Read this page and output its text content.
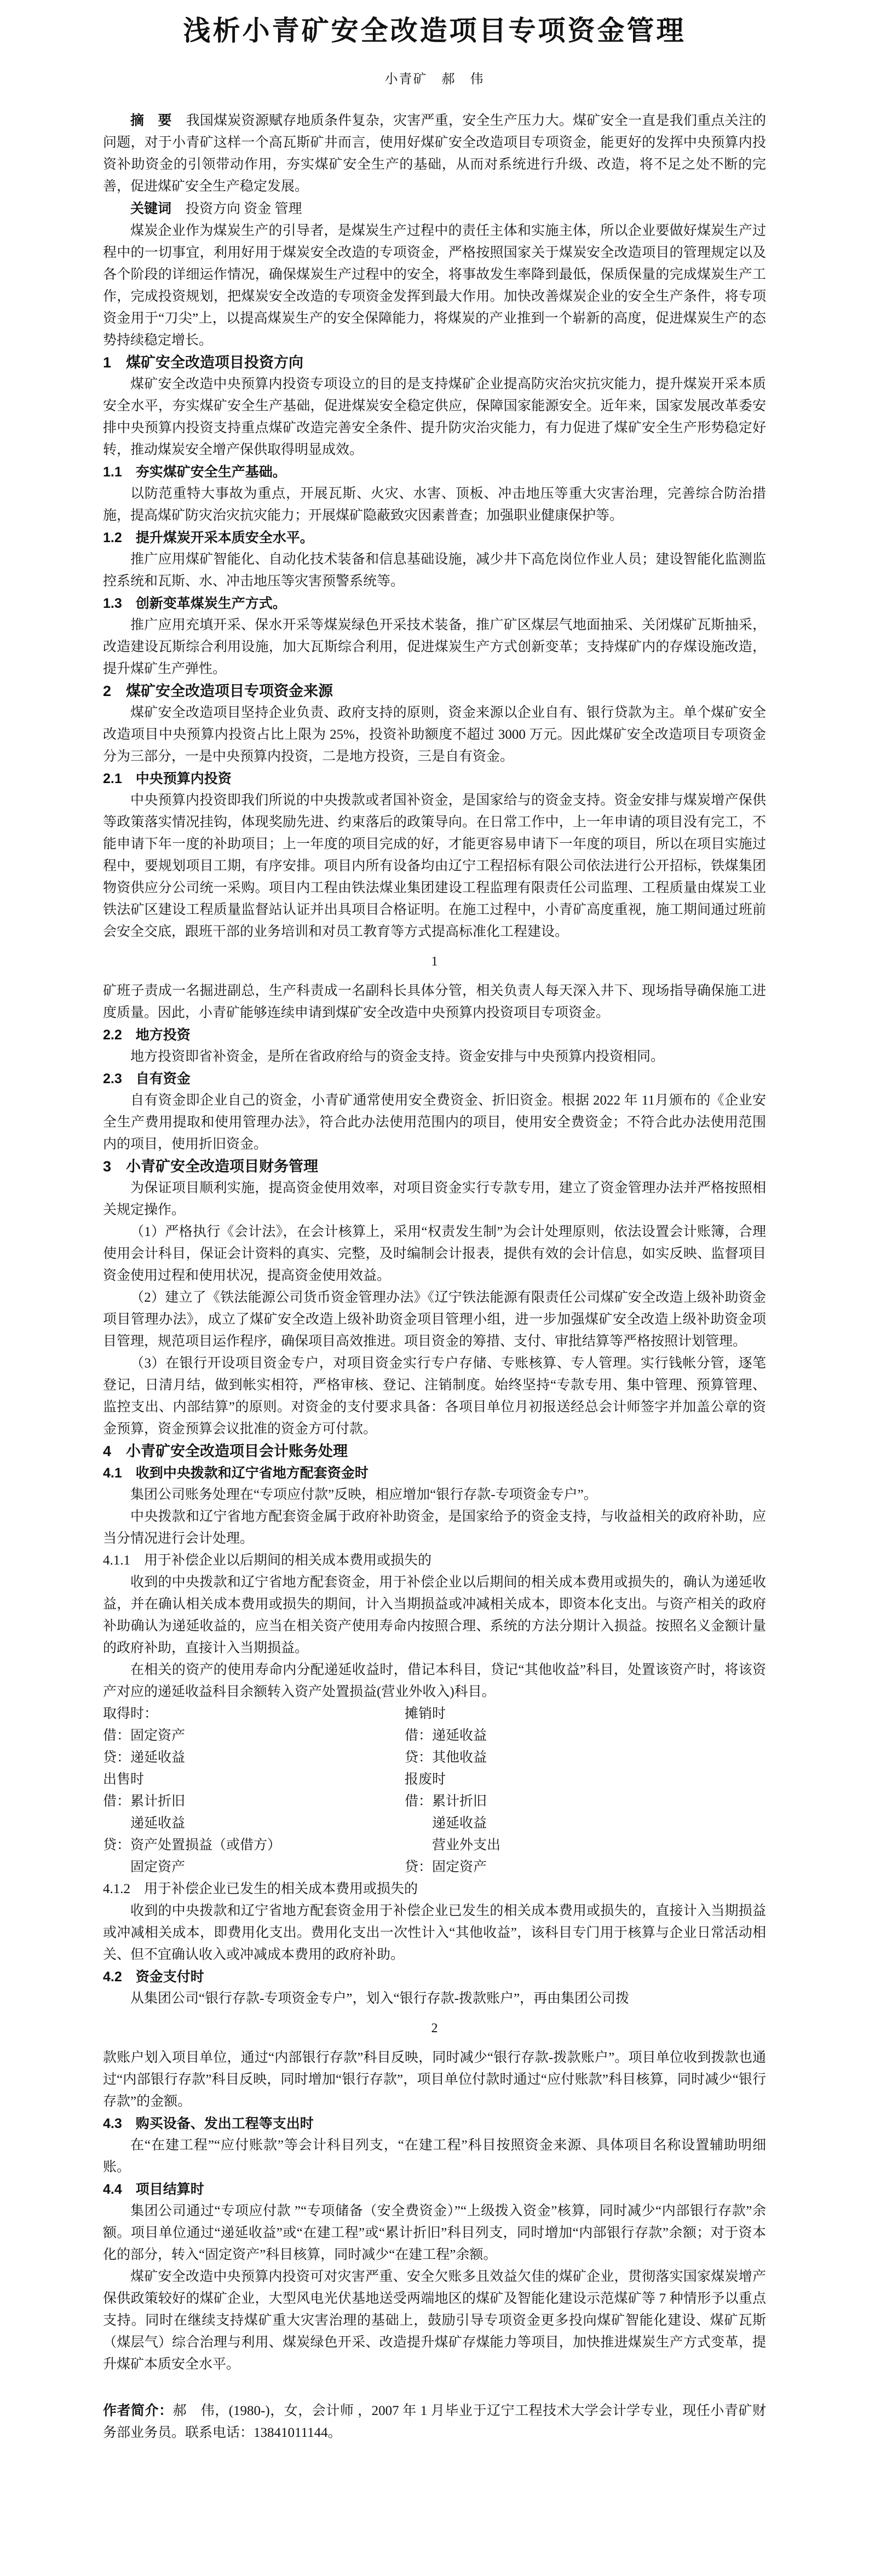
浅析小青矿安全改造项目专项资金管理
小青矿　郝　伟
摘　要 我国煤炭资源赋存地质条件复杂，灾害严重，安全生产压力大。煤矿安全一直是我们重点关注的问题，对于小青矿这样一个高瓦斯矿井而言，使用好煤矿安全改造项目专项资金，能更好的发挥中央预算内投资补助资金的引领带动作用，夯实煤矿安全生产的基础，从而对系统进行升级、改造，将不足之处不断的完善，促进煤矿安全生产稳定发展。
关键词 投资方向 资金 管理
煤炭企业作为煤炭生产的引导者，是煤炭生产过程中的责任主体和实施主体，所以企业要做好煤炭生产过程中的一切事宜，利用好用于煤炭安全改造的专项资金，严格按照国家关于煤炭安全改造项目的管理规定以及各个阶段的详细运作情况，确保煤炭生产过程中的安全，将事故发生率降到最低，保质保量的完成煤炭生产工作，完成投资规划，把煤炭安全改造的专项资金发挥到最大作用。加快改善煤炭企业的安全生产条件，将专项资金用于“刀尖”上，以提高煤炭生产的安全保障能力，将煤炭的产业推到一个崭新的高度，促进煤炭生产的态势持续稳定增长。
1　煤矿安全改造项目投资方向
煤矿安全改造中央预算内投资专项设立的目的是支持煤矿企业提高防灾治灾抗灾能力，提升煤炭开采本质安全水平，夯实煤矿安全生产基础，促进煤炭安全稳定供应，保障国家能源安全。近年来，国家发展改革委安排中央预算内投资支持重点煤矿改造完善安全条件、提升防灾治灾能力，有力促进了煤矿安全生产形势稳定好转，推动煤炭安全增产保供取得明显成效。
1.1　夯实煤矿安全生产基础。
以防范重特大事故为重点，开展瓦斯、火灾、水害、顶板、冲击地压等重大灾害治理，完善综合防治措施，提高煤矿防灾治灾抗灾能力；开展煤矿隐蔽致灾因素普查；加强职业健康保护等。
1.2　提升煤炭开采本质安全水平。
推广应用煤矿智能化、自动化技术装备和信息基础设施，减少井下高危岗位作业人员；建设智能化监测监控系统和瓦斯、水、冲击地压等灾害预警系统等。
1.3　创新变革煤炭生产方式。
推广应用充填开采、保水开采等煤炭绿色开采技术装备，推广矿区煤层气地面抽采、关闭煤矿瓦斯抽采，改造建设瓦斯综合利用设施，加大瓦斯综合利用，促进煤炭生产方式创新变革；支持煤矿内的存煤设施改造，提升煤矿生产弹性。
2　煤矿安全改造项目专项资金来源
煤矿安全改造项目坚持企业负责、政府支持的原则，资金来源以企业自有、银行贷款为主。单个煤矿安全改造项目中央预算内投资占比上限为 25%，投资补助额度不超过 3000 万元。因此煤矿安全改造项目专项资金分为三部分，一是中央预算内投资，二是地方投资，三是自有资金。
2.1　中央预算内投资
中央预算内投资即我们所说的中央拨款或者国补资金，是国家给与的资金支持。资金安排与煤炭增产保供等政策落实情况挂钩，体现奖励先进、约束落后的政策导向。在日常工作中，上一年申请的项目没有完工，不能申请下年一度的补助项目；上一年度的项目完成的好，才能更容易申请下一年度的项目，所以在项目实施过程中，要规划项目工期，有序安排。项目内所有设备均由辽宁工程招标有限公司依法进行公开招标，铁煤集团物资供应分公司统一采购。项目内工程由铁法煤业集团建设工程监理有限责任公司监理、工程质量由煤炭工业铁法矿区建设工程质量监督站认证并出具项目合格证明。在施工过程中，小青矿高度重视，施工期间通过班前会安全交底，跟班干部的业务培训和对员工教育等方式提高标准化工程建设。
1
矿班子责成一名掘进副总，生产科责成一名副科长具体分管，相关负责人每天深入井下、现场指导确保施工进度质量。因此，小青矿能够连续申请到煤矿安全改造中央预算内投资项目专项资金。
2.2　地方投资
地方投资即省补资金，是所在省政府给与的资金支持。资金安排与中央预算内投资相同。
2.3　自有资金
自有资金即企业自己的资金，小青矿通常使用安全费资金、折旧资金。根据 2022 年 11月颁布的《企业安全生产费用提取和使用管理办法》，符合此办法使用范围内的项目，使用安全费资金；不符合此办法使用范围内的项目，使用折旧资金。
3　小青矿安全改造项目财务管理
为保证项目顺利实施，提高资金使用效率，对项目资金实行专款专用，建立了资金管理办法并严格按照相关规定操作。
（1）严格执行《会计法》，在会计核算上，采用“权责发生制”为会计处理原则，依法设置会计账簿，合理使用会计科目，保证会计资料的真实、完整，及时编制会计报表，提供有效的会计信息，如实反映、监督项目资金使用过程和使用状况，提高资金使用效益。
（2）建立了《铁法能源公司货币资金管理办法》《辽宁铁法能源有限责任公司煤矿安全改造上级补助资金项目管理办法》，成立了煤矿安全改造上级补助资金项目管理小组，进一步加强煤矿安全改造上级补助资金项目管理，规范项目运作程序，确保项目高效推进。项目资金的筹措、支付、审批结算等严格按照计划管理。
（3）在银行开设项目资金专户，对项目资金实行专户存储、专账核算、专人管理。实行钱帐分管，逐笔登记，日清月结，做到帐实相符，严格审核、登记、注销制度。始终坚持“专款专用、集中管理、预算管理、监控支出、内部结算”的原则。对资金的支付要求具备：各项目单位月初报送经总会计师签字并加盖公章的资金预算，资金预算会议批准的资金方可付款。
4　小青矿安全改造项目会计账务处理
4.1　收到中央拨款和辽宁省地方配套资金时
集团公司账务处理在“专项应付款”反映，相应增加“银行存款-专项资金专户”。
中央拨款和辽宁省地方配套资金属于政府补助资金，是国家给予的资金支持，与收益相关的政府补助，应当分情况进行会计处理。
4.1.1　用于补偿企业以后期间的相关成本费用或损失的
收到的中央拨款和辽宁省地方配套资金，用于补偿企业以后期间的相关成本费用或损失的，确认为递延收益，并在确认相关成本费用或损失的期间，计入当期损益或冲减相关成本，即资本化支出。与资产相关的政府补助确认为递延收益的，应当在相关资产使用寿命内按照合理、系统的方法分期计入损益。按照名义金额计量的政府补助，直接计入当期损益。
在相关的资产的使用寿命内分配递延收益时，借记本科目，贷记“其他收益”科目，处置该资产时，将该资产对应的递延收益科目余额转入资产处置损益(营业外收入)科目。
取得时：
借：固定资产
贷：递延收益
出售时
借：累计折旧
　　递延收益
贷：资产处置损益（或借方）
　　固定资产
摊销时
借：递延收益
贷：其他收益
报废时
借：累计折旧
　　递延收益
　　营业外支出
贷：固定资产
4.1.2　用于补偿企业已发生的相关成本费用或损失的
收到的中央拨款和辽宁省地方配套资金用于补偿企业已发生的相关成本费用或损失的，直接计入当期损益或冲减相关成本，即费用化支出。费用化支出一次性计入“其他收益”，该科目专门用于核算与企业日常活动相关、但不宜确认收入或冲减成本费用的政府补助。
4.2　资金支付时
从集团公司“银行存款-专项资金专户”，划入“银行存款-拨款账户”，再由集团公司拨
2
款账户划入项目单位，通过“内部银行存款”科目反映，同时减少“银行存款-拨款账户”。项目单位收到拨款也通过“内部银行存款”科目反映，同时增加“银行存款”，项目单位付款时通过“应付账款”科目核算，同时减少“银行存款”的金额。
4.3　购买设备、发出工程等支出时
在“在建工程”“应付账款”等会计科目列支，“在建工程”科目按照资金来源、具体项目名称设置辅助明细账。
4.4　项目结算时
集团公司通过“专项应付款 ”“专项储备（安全费资金）”“上级拨入资金”核算，同时减少“内部银行存款”余额。项目单位通过“递延收益”或“在建工程”或“累计折旧”科目列支，同时增加“内部银行存款”余额；对于资本化的部分，转入“固定资产”科目核算，同时减少“在建工程”余额。
煤矿安全改造中央预算内投资可对灾害严重、安全欠账多且效益欠佳的煤矿企业，贯彻落实国家煤炭增产保供政策较好的煤矿企业，大型风电光伏基地送受两端地区的煤矿及智能化建设示范煤矿等 7 种情形予以重点支持。同时在继续支持煤矿重大灾害治理的基础上，鼓励引导专项资金更多投向煤矿智能化建设、煤矿瓦斯（煤层气）综合治理与利用、煤炭绿色开采、改造提升煤矿存煤能力等项目，加快推进煤炭生产方式变革，提升煤矿本质安全水平。
作者简介：郝　伟，(1980-)，女，会计师 ，2007 年 1 月毕业于辽宁工程技术大学会计学专业，现任小青矿财务部业务员。联系电话：13841011144。
